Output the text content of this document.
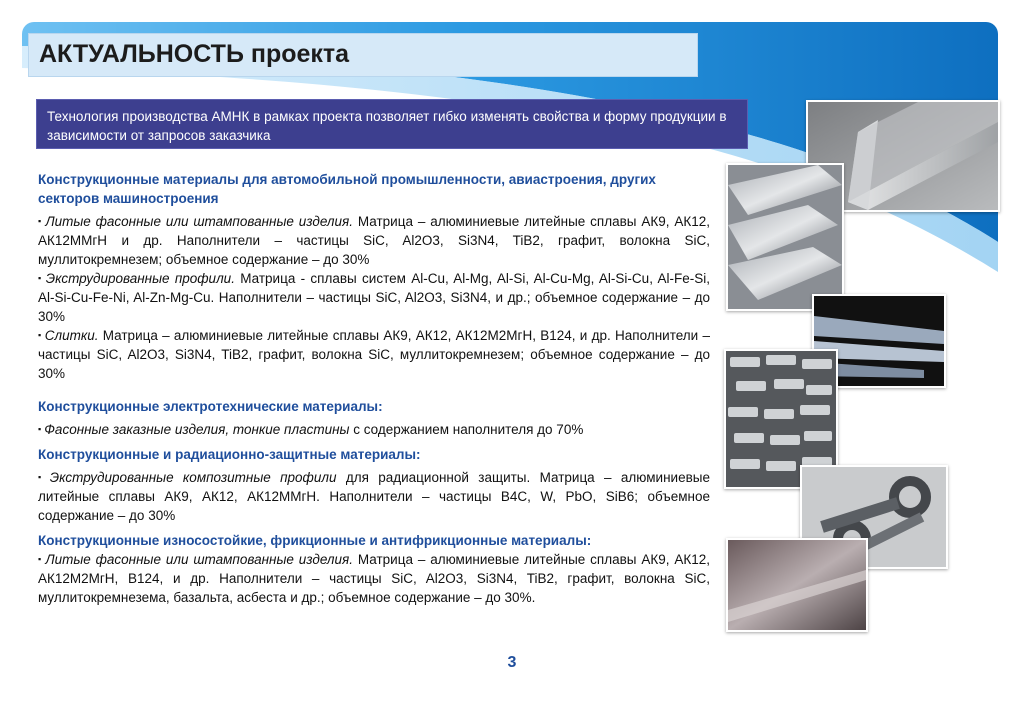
АКТУАЛЬНОСТЬ проекта
Технология производства АМНК в рамках проекта позволяет гибко изменять свойства и форму продукции в зависимости от запросов заказчика
Конструкционные материалы для автомобильной промышленности, авиастроения, других секторов машиностроения
▪ Литые фасонные или штампованные изделия. Матрица – алюминиевые литейные сплавы АК9, АК12, АК12ММгН и др. Наполнители – частицы SiC, Al2O3, Si3N4, TiB2, графит, волокна SiC, муллитокремнезем; объемное содержание – до 30%
▪ Экструдированные профили. Матрица - сплавы систем Al-Cu, Al-Mg, Al-Si, Al-Cu-Mg, Al-Si-Cu, Al-Fe-Si, Al-Si-Cu-Fe-Ni, Al-Zn-Mg-Cu. Наполнители – частицы SiC, Al2O3, Si3N4, и др.; объемное содержание – до 30%
▪ Слитки. Матрица – алюминиевые литейные сплавы АК9, АК12, АК12М2МгН, В124, и др. Наполнители – частицы SiC, Al2O3, Si3N4, TiB2, графит, волокна SiC, муллитокремнезем; объемное содержание – до 30%
Конструкционные электротехнические материалы:
▪ Фасонные заказные изделия, тонкие пластины с содержанием наполнителя до 70%
Конструкционные и радиационно-защитные материалы:
▪ Экструдированные композитные профили для радиационной защиты. Матрица – алюминиевые литейные сплавы АК9, АК12, АК12ММгН. Наполнители – частицы B4C, W, PbO, SiB6; объемное содержание – до 30%
Конструкционные износостойкие, фрикционные и антифрикционные материалы:
▪ Литые фасонные или штампованные изделия. Матрица – алюминиевые литейные сплавы АК9, АК12, АК12М2МгН, В124, и др. Наполнители – частицы SiC, Al2O3, Si3N4, TiB2, графит, волокна SiC, муллитокремнезема, базальта, асбеста и др.; объемное содержание – до 30%.
3
